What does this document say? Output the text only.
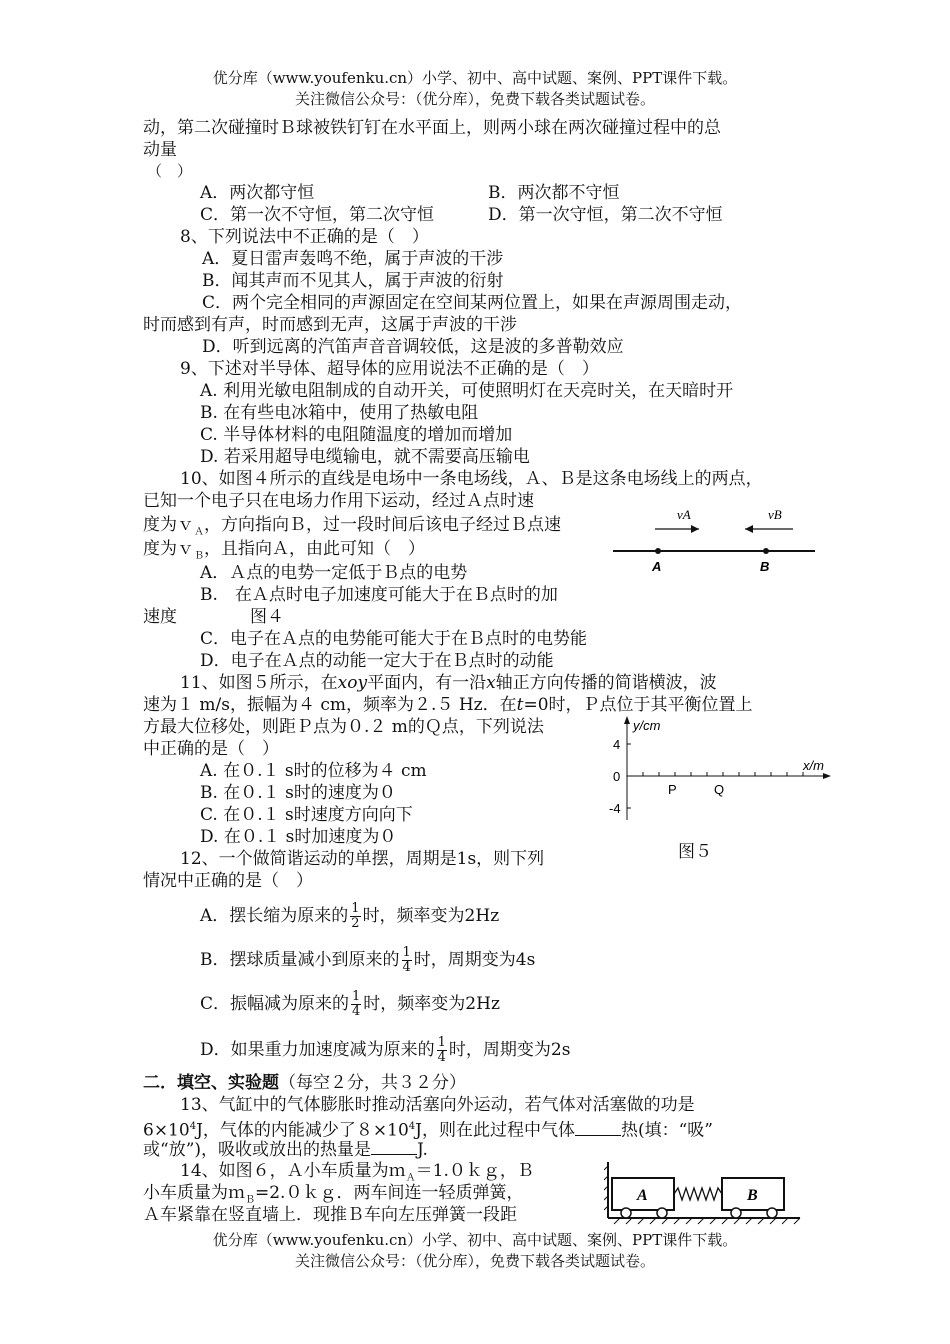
优分库（www.youfenku.cn）小学、初中、高中试题、案例、PPT课件下载。
关注微信公众号：（优分库），免费下载各类试题试卷。
动，第二次碰撞时Ｂ球被铁钉钉在水平面上，则两小球在两次碰撞过程中的总
动量
（　）
A．两次都守恒	B．两次都不守恒
C．第一次不守恒，第二次守恒	D．第一次守恒，第二次不守恒
8、下列说法中不正确的是（　）
A．夏日雷声轰鸣不绝，属于声波的干涉
B．闻其声而不见其人，属于声波的衍射
C．两个完全相同的声源固定在空间某两位置上，如果在声源周围走动，
时而感到有声，时而感到无声，这属于声波的干涉
D．听到远离的汽笛声音音调较低，这是波的多普勒效应
9、下述对半导体、超导体的应用说法不正确的是（　）
A. 利用光敏电阻制成的自动开关，可使照明灯在天亮时关，在天暗时开
B. 在有些电冰箱中，使用了热敏电阻
C. 半导体材料的电阻随温度的增加而增加
D. 若采用超导电缆输电，就不需要高压输电
10、如图４所示的直线是电场中一条电场线，Ａ、Ｂ是这条电场线上的两点，
已知一个电子只在电场力作用下运动，经过Ａ点时速
度为ｖ$_A$，方向指向Ｂ，过一段时间后该电子经过Ｂ点速
度为ｖ$_B$，且指向Ａ，由此可知（　）
A．Ａ点的电势一定低于Ｂ点的电势
B.　在Ａ点时电子加速度可能大于在Ｂ点时的加
速度	图４
C．电子在Ａ点的电势能可能大于在Ｂ点时的电势能
D．电子在Ａ点的动能一定大于在Ｂ点时的动能
vA	vB
A	B
11、如图５所示，在xoy平面内，有一沿x轴正方向传播的简谐横波，波
速为１ m/s，振幅为４ cm，频率为２.５ Hz．在t=0时，Ｐ点位于其平衡位置上
方最大位移处，则距Ｐ点为０.２ m的Ｑ点，下列说法
中正确的是（　）
A. 在０.１ s时的位移为４ cm
B. 在０.１ s时的速度为０
C. 在０.１ s时速度方向向下
D. 在０.１ s时加速度为０
y/cm
x/m
4
0
-4
P	Q
图５
12、一个做简谐运动的单摆，周期是1s，则下列
情况中正确的是（　）
A．摆长缩为原来的 $\frac{1}{2}$ 时，频率变为2Hz
B．摆球质量减小到原来的 $\frac{1}{4}$ 时，周期变为4s
C．振幅减为原来的 $\frac{1}{4}$ 时，频率变为2Hz
D．如果重力加速度减为原来的 $\frac{1}{4}$ 时，周期变为2s
二．填空、实验题（每空２分，共３２分）
13、气缸中的气体膨胀时推动活塞向外运动，若气体对活塞做的功是
$6\times 10^4J$，气体的内能减少了$8\times 10^4J$，则在此过程中气体	热(填：“吸”
或“放”)，吸收或放出的热量是	J.
14、如图６，Ａ小车质量为ｍ$_A$＝1.０ｋｇ，Ｂ
小车质量为ｍ$_B$=2.０ｋｇ．两车间连一轻质弹簧，
Ａ车紧靠在竖直墙上．现推Ｂ车向左压弹簧一段距
A	B
优分库（www.youfenku.cn）小学、初中、高中试题、案例、PPT课件下载。
关注微信公众号：（优分库），免费下载各类试题试卷。
